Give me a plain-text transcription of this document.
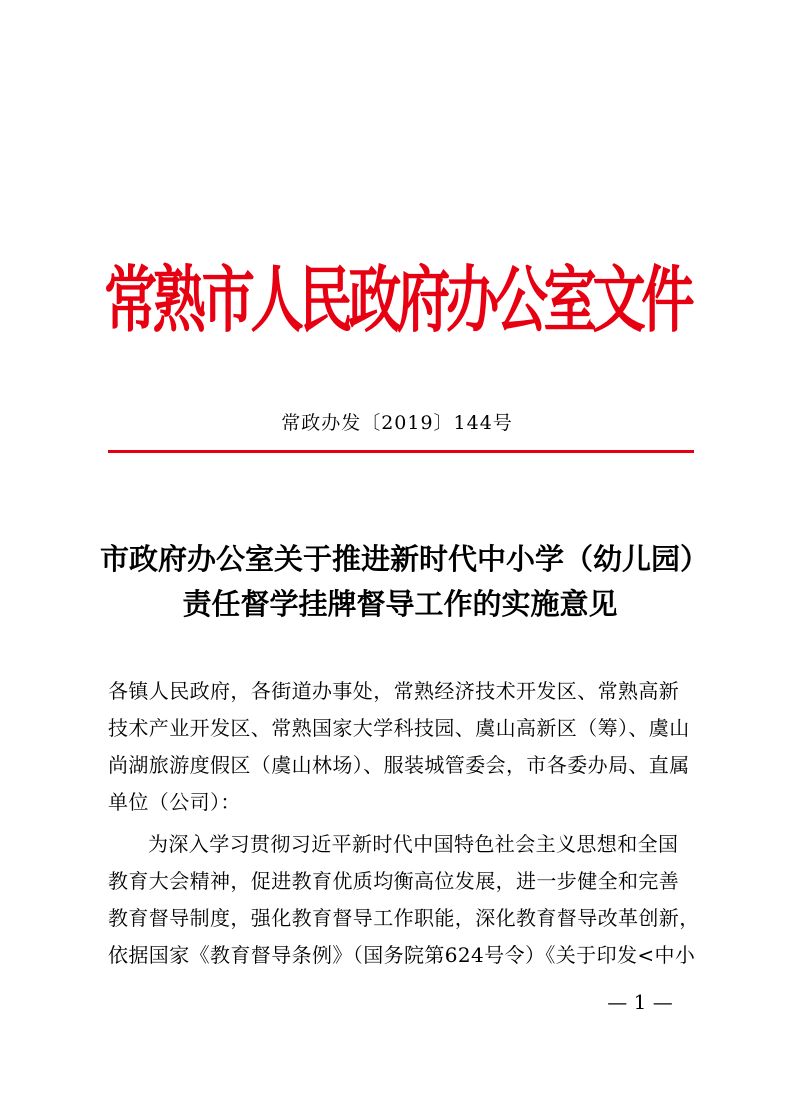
常熟市人民政府办公室文件
常政办发〔2019〕144号
市政府办公室关于推进新时代中小学（幼儿园）
责任督学挂牌督导工作的实施意见
各镇人民政府，各街道办事处，常熟经济技术开发区、常熟高新
技术产业开发区、常熟国家大学科技园、虞山高新区（筹）、虞山
尚湖旅游度假区（虞山林场）、服装城管委会，市各委办局、直属
单位（公司）：
为深入学习贯彻习近平新时代中国特色社会主义思想和全国
教育大会精神，促进教育优质均衡高位发展，进一步健全和完善
教育督导制度，强化教育督导工作职能，深化教育督导改革创新，
依据国家《教育督导条例》（国务院第624号令）《关于印发<中小
— 1 —
